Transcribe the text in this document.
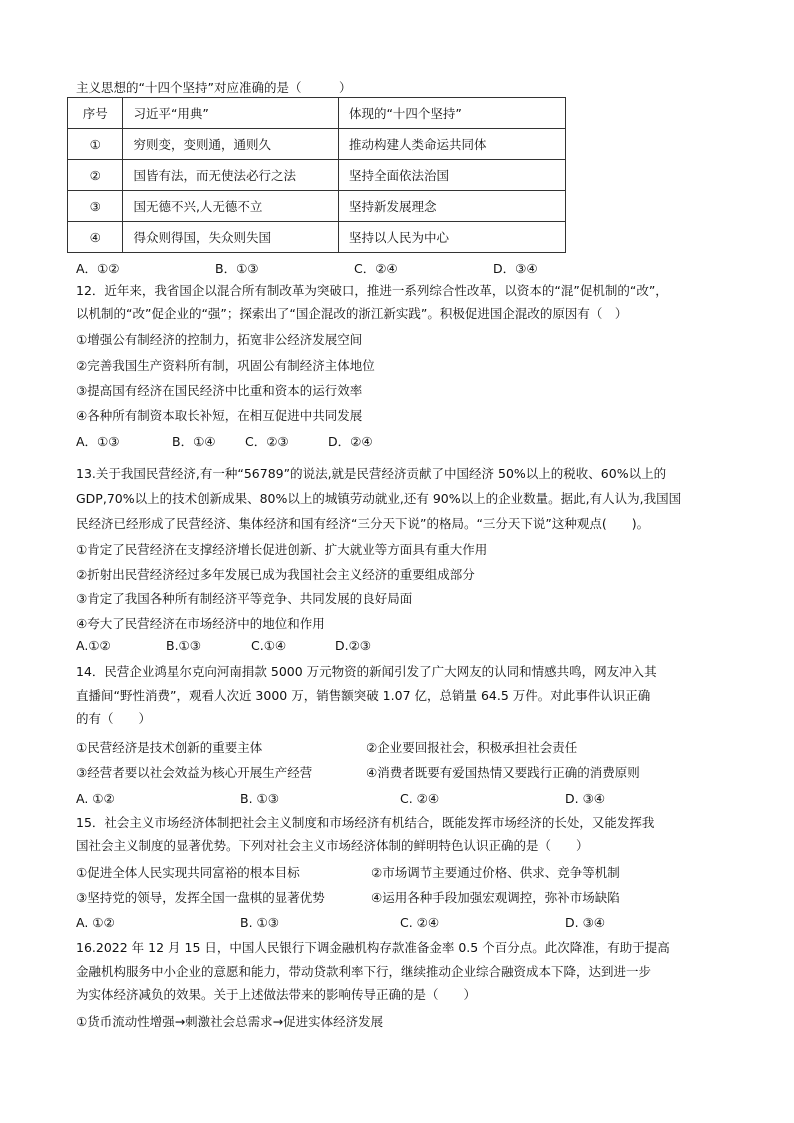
主义思想的“十四个坚持”对应准确的是（　　　）
序号	习近平“用典”	体现的“十四个坚持”
①	穷则变，变则通，通则久	推动构建人类命运共同体
②	国皆有法，而无使法必行之法	坚持全面依法治国
③	国无德不兴,人无德不立	坚持新发展理念
④	得众则得国，失众则失国	坚持以人民为中心
A．①②	B．①③	C．②④	D．③④
12．近年来，我省国企以混合所有制改革为突破口，推进一系列综合性改革，以资本的“混”促机制的“改”，
以机制的“改”促企业的“强”；探索出了“国企混改的浙江新实践”。积极促进国企混改的原因有（　）
①增强公有制经济的控制力，拓宽非公经济发展空间
②完善我国生产资料所有制，巩固公有制经济主体地位
③提高国有经济在国民经济中比重和资本的运行效率
④各种所有制资本取长补短，在相互促进中共同发展
A．①③	B．①④ C．②③	D．②④
13.关于我国民营经济,有一种“56789”的说法,就是民营经济贡献了中国经济 50%以上的税收、60%以上的
GDP,70%以上的技术创新成果、80%以上的城镇劳动就业,还有 90%以上的企业数量。据此,有人认为,我国国
民经济已经形成了民营经济、集体经济和国有经济“三分天下说”的格局。“三分天下说”这种观点(　　)。
①肯定了民营经济在支撑经济增长促进创新、扩大就业等方面具有重大作用
②折射出民营经济经过多年发展已成为我国社会主义经济的重要组成部分
③肯定了我国各种所有制经济平等竞争、共同发展的良好局面
④夸大了民营经济在市场经济中的地位和作用
A.①②	B.①③	C.①④	D.②③
14．民营企业鸿星尔克向河南捐款 5000 万元物资的新闻引发了广大网友的认同和情感共鸣，网友冲入其
直播间“野性消费”，观看人次近 3000 万，销售额突破 1.07 亿，总销量 64.5 万件。对此事件认识正确
的有（　　）
①民营经济是技术创新的重要主体	②企业要回报社会，积极承担社会责任
③经营者要以社会效益为核心开展生产经营	④消费者既要有爱国热情又要践行正确的消费原则
A. ①②	B. ①③	C. ②④	D. ③④
15．社会主义市场经济体制把社会主义制度和市场经济有机结合，既能发挥市场经济的长处，又能发挥我
国社会主义制度的显著优势。下列对社会主义市场经济体制的鲜明特色认识正确的是（　　）
①促进全体人民实现共同富裕的根本目标	②市场调节主要通过价格、供求、竞争等机制
③坚持党的领导，发挥全国一盘棋的显著优势	④运用各种手段加强宏观调控，弥补市场缺陷
A. ①②	B. ①③	C. ②④	D. ③④
16.2022 年 12 月 15 日，中国人民银行下调金融机构存款准备金率 0.5 个百分点。此次降准，有助于提高
金融机构服务中小企业的意愿和能力，带动贷款利率下行，继续推动企业综合融资成本下降，达到进一步
为实体经济减负的效果。关于上述做法带来的影响传导正确的是（　　）
①货币流动性增强→刺激社会总需求→促进实体经济发展
